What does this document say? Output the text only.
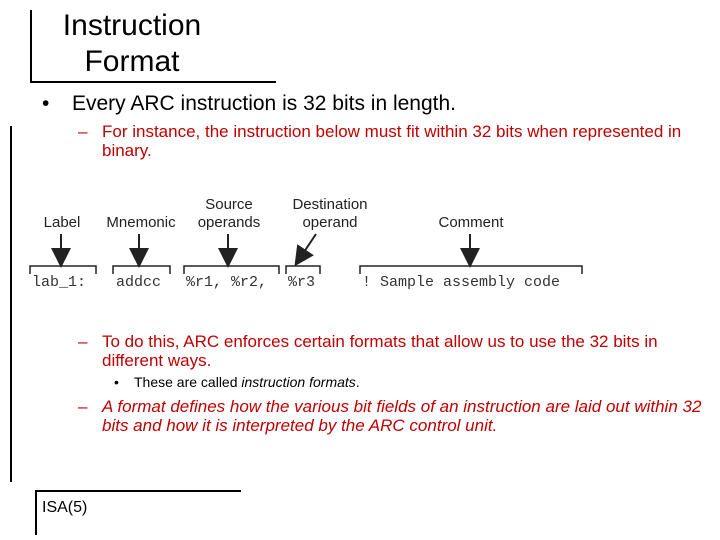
Instruction
Format
• Every ARC instruction is 32 bits in length.
– For instance, the instruction below must fit within 32 bits when represented in binary.
Label	Mnemonic
Source
operands
Destination
operand	Comment
lab_1: addcc %r1, %r2, %r3	! Sample assembly code
– To do this, ARC enforces certain formats that allow us to use the 32 bits in different ways.
• These are called instruction formats.
– A format defines how the various bit fields of an instruction are laid out within 32 bits and how it is interpreted by the ARC control unit.
ISA(5)
